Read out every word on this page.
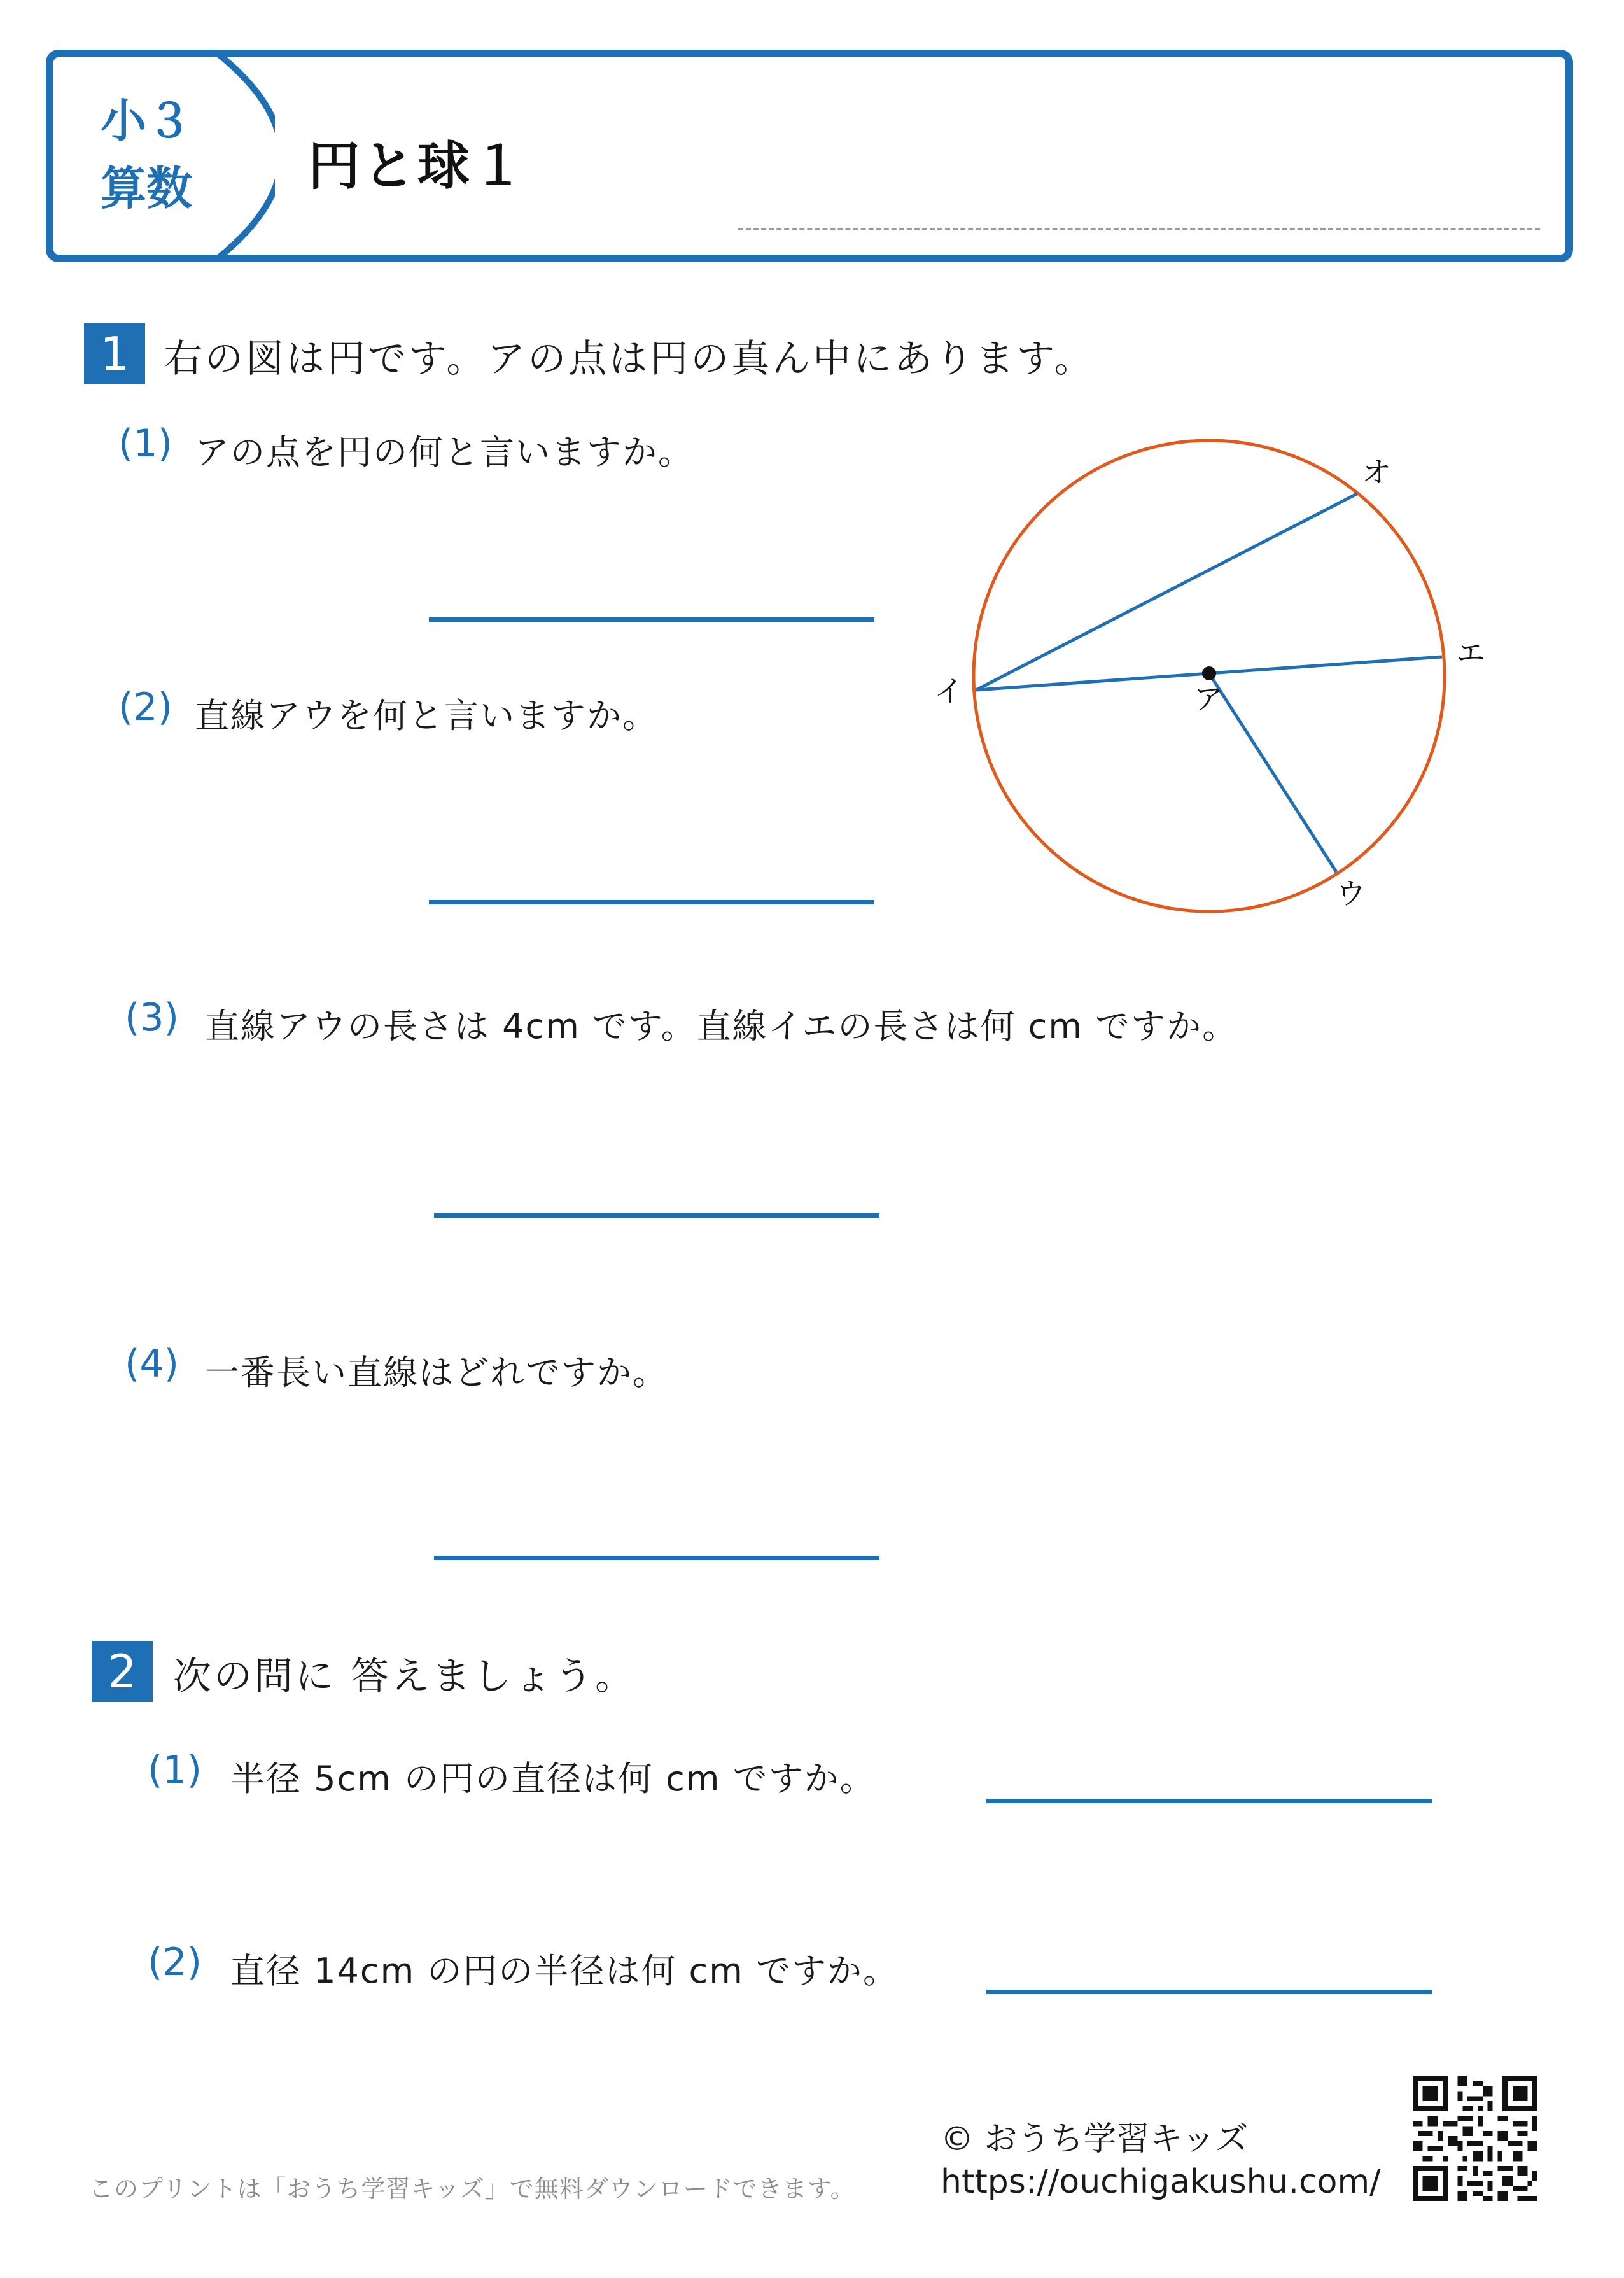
小３
算数 円と球１
1 右の図は円です。アの点は円の真ん中にあります。
(1) アの点を円の何と言いますか。
(2) 直線アウを何と言いますか。
(3) 直線アウの長さは 4cm です。直線イエの長さは何 cm ですか。
(4) 一番長い直線はどれですか。
ア
イ
ウ
エ
オ
2 次の問に 答えましょう。
(1) 半径 5cm の円の直径は何 cm ですか。
(2) 直径 14cm の円の半径は何 cm ですか。
このプリントは「おうち学習キッズ」で無料ダウンロードできます。
© おうち学習キッズ
https://ouchigakushu.com/
